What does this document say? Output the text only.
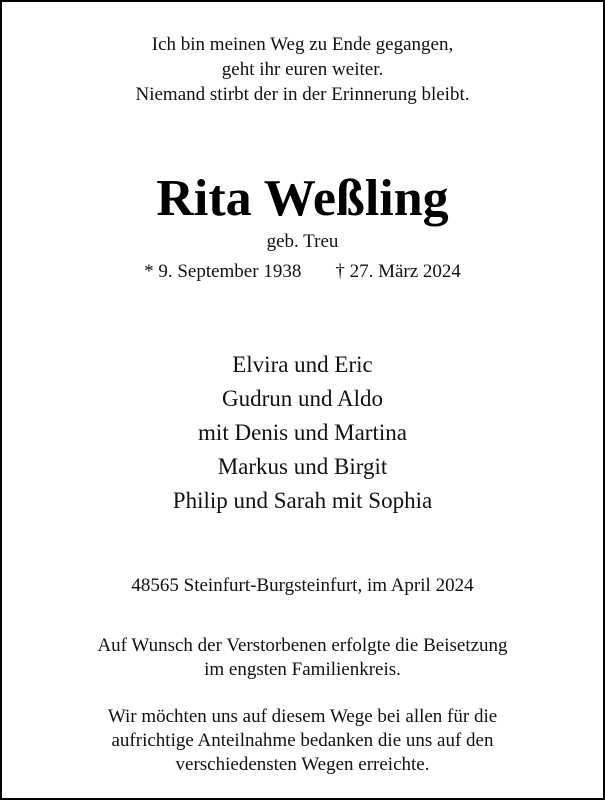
Ich bin meinen Weg zu Ende gegangen,
geht ihr euren weiter.
Niemand stirbt der in der Erinnerung bleibt.
Rita Weßling
geb. Treu
* 9. September 1938 † 27. März 2024
Elvira und Eric
Gudrun und Aldo
mit Denis und Martina
Markus und Birgit
Philip und Sarah mit Sophia
48565 Steinfurt-Burgsteinfurt, im April 2024
Auf Wunsch der Verstorbenen erfolgte die Beisetzung
im engsten Familienkreis.
Wir möchten uns auf diesem Wege bei allen für die
aufrichtige Anteilnahme bedanken die uns auf den
verschiedensten Wegen erreichte.
